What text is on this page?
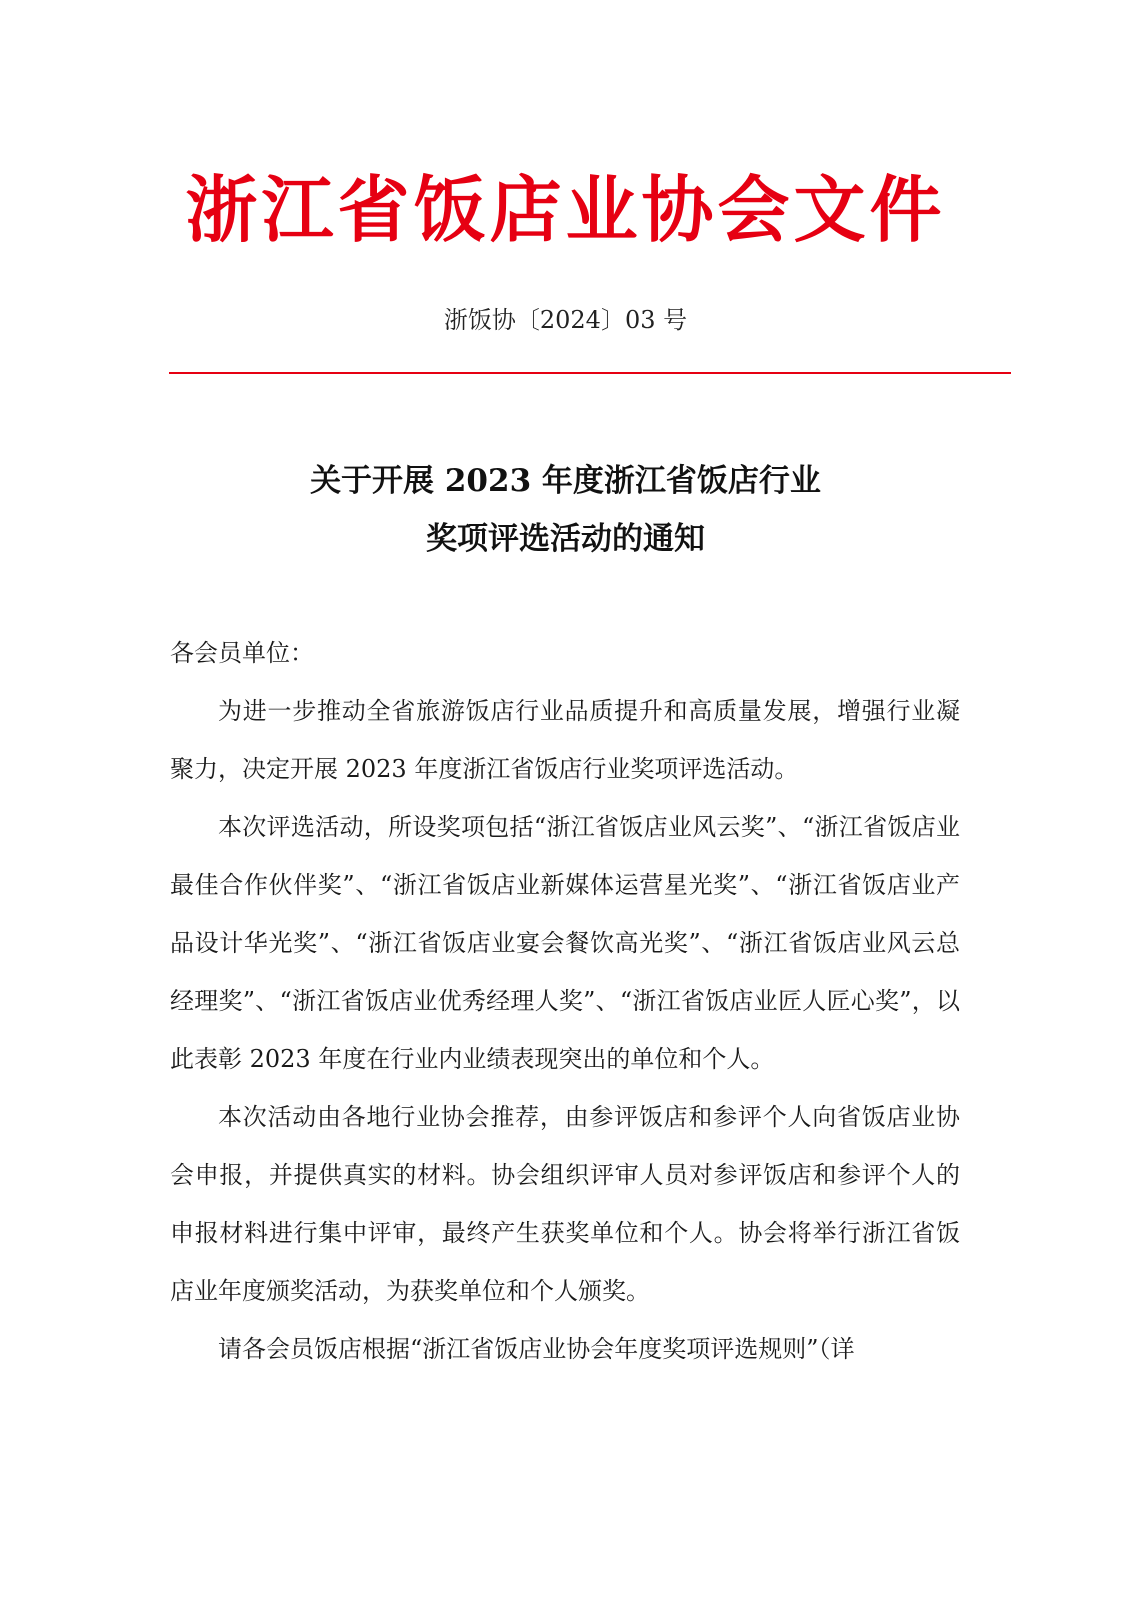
浙江省饭店业协会文件
浙饭协〔2024〕03 号
关于开展 2023 年度浙江省饭店行业
奖项评选活动的通知

各会员单位：

为进一步推动全省旅游饭店行业品质提升和高质量发展，增强行业凝聚力，决定开展 2023 年度浙江省饭店行业奖项评选活动。

本次评选活动，所设奖项包括“浙江省饭店业风云奖”、“浙江省饭店业最佳合作伙伴奖”、“浙江省饭店业新媒体运营星光奖”、“浙江省饭店业产品设计华光奖”、“浙江省饭店业宴会餐饮高光奖”、“浙江省饭店业风云总经理奖”、“浙江省饭店业优秀经理人奖”、“浙江省饭店业匠人匠心奖”，以此表彰 2023 年度在行业内业绩表现突出的单位和个人。

本次活动由各地行业协会推荐，由参评饭店和参评个人向省饭店业协会申报，并提供真实的材料。协会组织评审人员对参评饭店和参评个人的申报材料进行集中评审，最终产生获奖单位和个人。协会将举行浙江省饭店业年度颁奖活动，为获奖单位和个人颁奖。

请各会员饭店根据“浙江省饭店业协会年度奖项评选规则”（详
